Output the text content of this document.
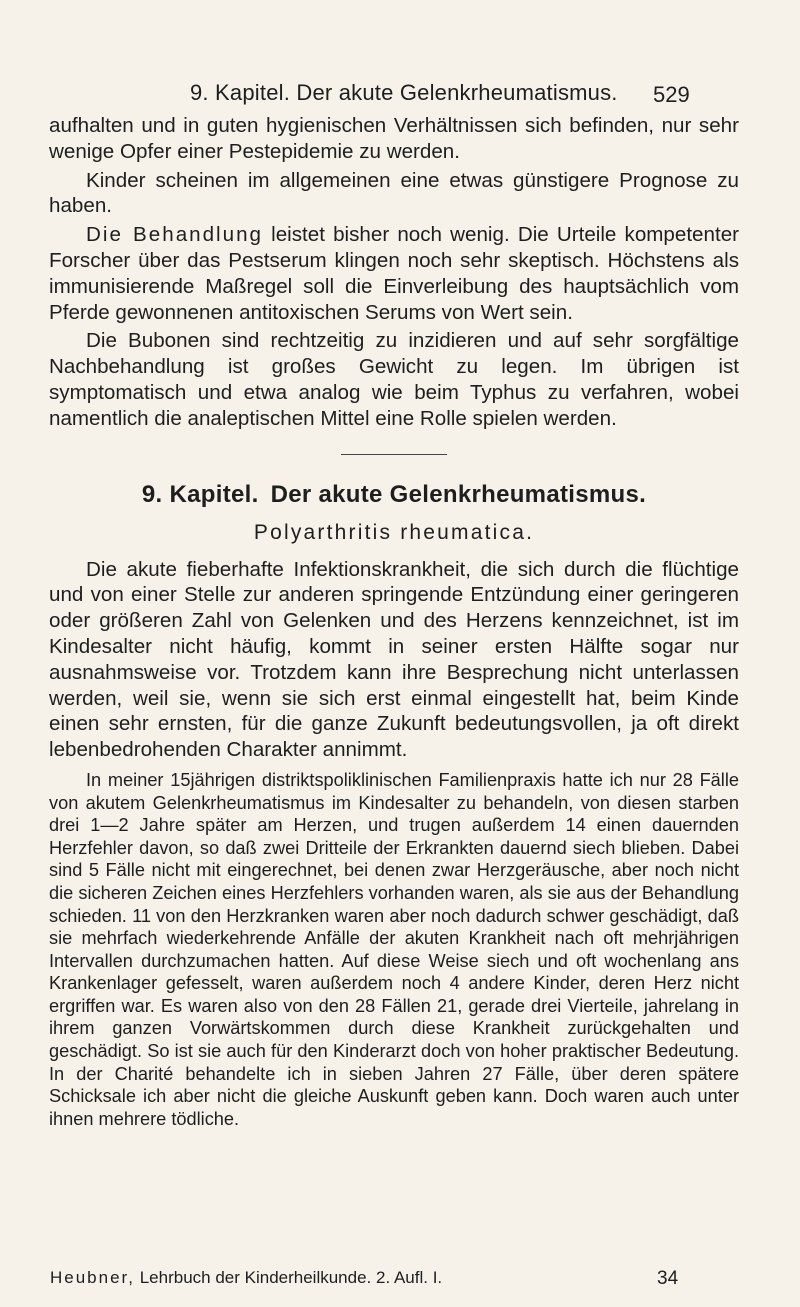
9. Kapitel. Der akute Gelenkrheumatismus. 529

aufhalten und in guten hygienischen Verhältnissen sich befinden, nur sehr wenige Opfer einer Pestepidemie zu werden.

Kinder scheinen im allgemeinen eine etwas günstigere Prognose zu haben.

Die Behandlung leistet bisher noch wenig. Die Urteile kompetenter Forscher über das Pestserum klingen noch sehr skeptisch. Höchstens als immunisierende Maßregel soll die Einverleibung des hauptsächlich vom Pferde gewonnenen antitoxischen Serums von Wert sein.

Die Bubonen sind rechtzeitig zu inzidieren und auf sehr sorgfältige Nachbehandlung ist großes Gewicht zu legen. Im übrigen ist symptomatisch und etwa analog wie beim Typhus zu verfahren, wobei namentlich die analeptischen Mittel eine Rolle spielen werden.

9. Kapitel. Der akute Gelenkrheumatismus.
Polyarthritis rheumatica.

Die akute fieberhafte Infektionskrankheit, die sich durch die flüchtige und von einer Stelle zur anderen springende Entzündung einer geringeren oder größeren Zahl von Gelenken und des Herzens kennzeichnet, ist im Kindesalter nicht häufig, kommt in seiner ersten Hälfte sogar nur ausnahmsweise vor. Trotzdem kann ihre Besprechung nicht unterlassen werden, weil sie, wenn sie sich erst einmal eingestellt hat, beim Kinde einen sehr ernsten, für die ganze Zukunft bedeutungsvollen, ja oft direkt lebenbedrohenden Charakter annimmt.

In meiner 15jährigen distriktspoliklinischen Familienpraxis hatte ich nur 28 Fälle von akutem Gelenkrheumatismus im Kindesalter zu behandeln, von diesen starben drei 1—2 Jahre später am Herzen, und trugen außerdem 14 einen dauernden Herzfehler davon, so daß zwei Dritteile der Erkrankten dauernd siech blieben. Dabei sind 5 Fälle nicht mit eingerechnet, bei denen zwar Herzgeräusche, aber noch nicht die sicheren Zeichen eines Herzfehlers vorhanden waren, als sie aus der Behandlung schieden. 11 von den Herzkranken waren aber noch dadurch schwer geschädigt, daß sie mehrfach wiederkehrende Anfälle der akuten Krankheit nach oft mehrjährigen Intervallen durchzumachen hatten. Auf diese Weise siech und oft wochenlang ans Krankenlager gefesselt, waren außerdem noch 4 andere Kinder, deren Herz nicht ergriffen war. Es waren also von den 28 Fällen 21, gerade drei Vierteile, jahrelang in ihrem ganzen Vorwärtskommen durch diese Krankheit zurückgehalten und geschädigt. So ist sie auch für den Kinderarzt doch von hoher praktischer Bedeutung. In der Charité behandelte ich in sieben Jahren 27 Fälle, über deren spätere Schicksale ich aber nicht die gleiche Auskunft geben kann. Doch waren auch unter ihnen mehrere tödliche.

Heubner, Lehrbuch der Kinderheilkunde. 2. Aufl. I.	34
